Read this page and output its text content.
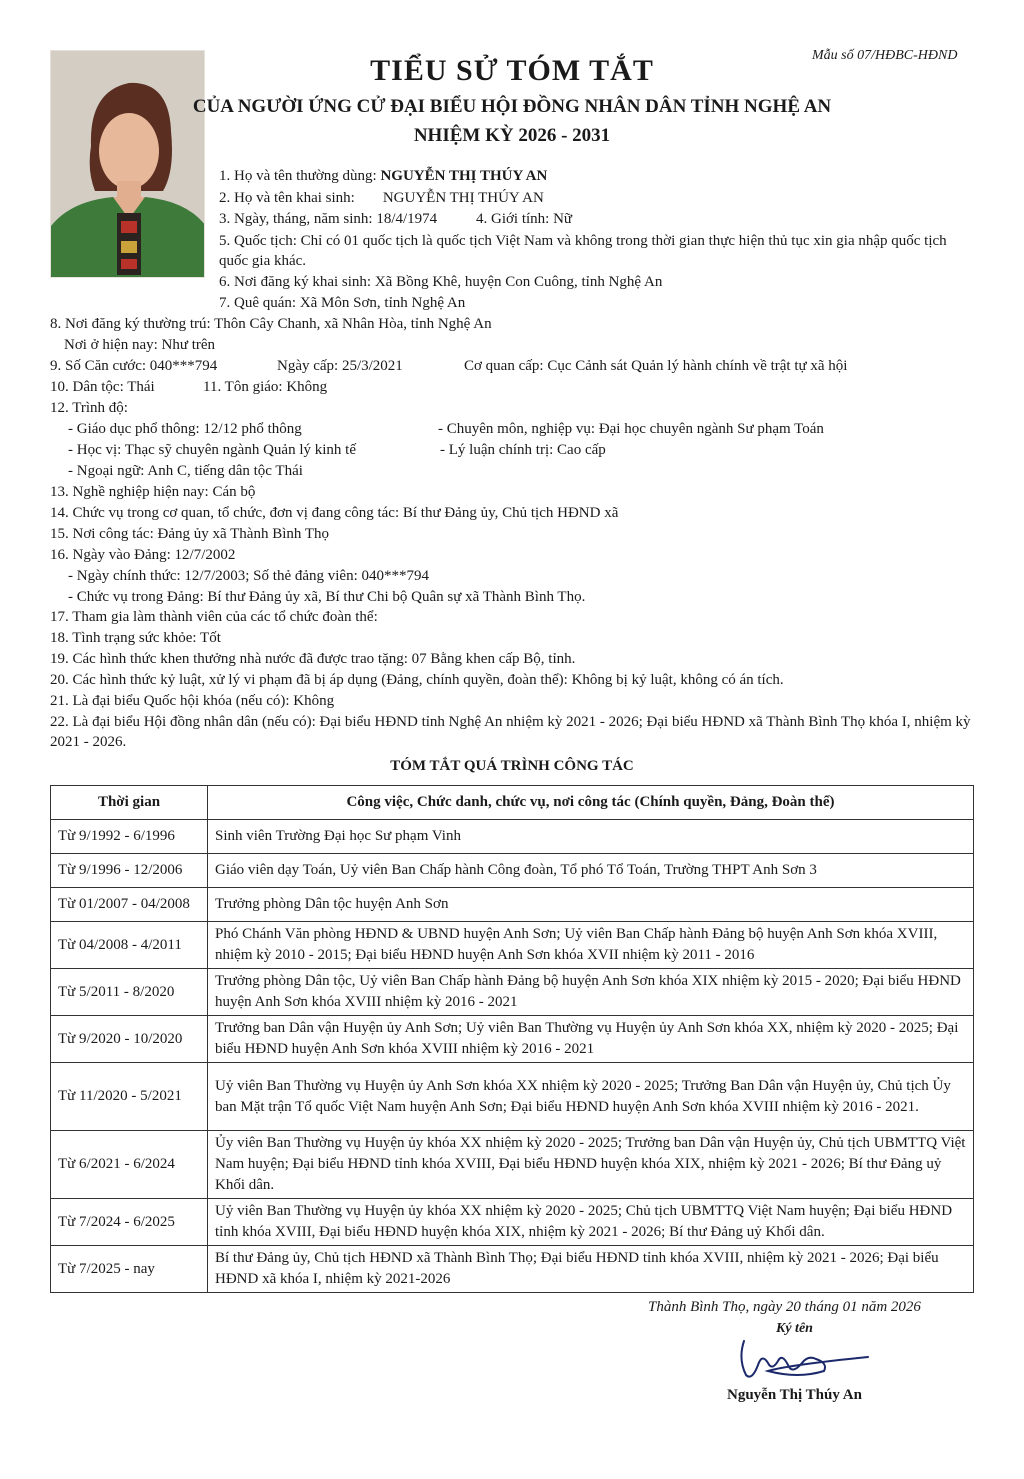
Mẫu số 07/HĐBC-HĐND
TIỂU SỬ TÓM TẮT
CỦA NGƯỜI ỨNG CỬ ĐẠI BIỂU HỘI ĐỒNG NHÂN DÂN TỈNH NGHỆ AN
NHIỆM KỲ 2026 - 2031
1. Họ và tên thường dùng: NGUYỄN THỊ THÚY AN
2. Họ và tên khai sinh: NGUYỄN THỊ THÚY AN
3. Ngày, tháng, năm sinh: 18/4/1974	4. Giới tính: Nữ
5. Quốc tịch: Chỉ có 01 quốc tịch là quốc tịch Việt Nam và không trong thời gian thực hiện thủ tục xin gia nhập quốc tịch quốc gia khác.
6. Nơi đăng ký khai sinh: Xã Bồng Khê, huyện Con Cuông, tỉnh Nghệ An
7. Quê quán: Xã Môn Sơn, tỉnh Nghệ An
8. Nơi đăng ký thường trú: Thôn Cây Chanh, xã Nhân Hòa, tỉnh Nghệ An
Nơi ở hiện nay: Như trên
9. Số Căn cước: 040***794	Ngày cấp: 25/3/2021	Cơ quan cấp: Cục Cảnh sát Quản lý hành chính về trật tự xã hội
10. Dân tộc: Thái	11. Tôn giáo: Không
12. Trình độ:
- Giáo dục phổ thông: 12/12 phổ thông	- Chuyên môn, nghiệp vụ: Đại học chuyên ngành Sư phạm Toán
- Học vị: Thạc sỹ chuyên ngành Quản lý kinh tế	- Lý luận chính trị: Cao cấp
- Ngoại ngữ: Anh C, tiếng dân tộc Thái
13. Nghề nghiệp hiện nay: Cán bộ
14. Chức vụ trong cơ quan, tổ chức, đơn vị đang công tác: Bí thư Đảng ủy, Chủ tịch HĐND xã
15. Nơi công tác: Đảng ủy xã Thành Bình Thọ
16. Ngày vào Đảng: 12/7/2002
- Ngày chính thức: 12/7/2003; Số thẻ đảng viên: 040***794
- Chức vụ trong Đảng: Bí thư Đảng ủy xã, Bí thư Chi bộ Quân sự xã Thành Bình Thọ.
17. Tham gia làm thành viên của các tổ chức đoàn thể:
18. Tình trạng sức khỏe: Tốt
19. Các hình thức khen thưởng nhà nước đã được trao tặng: 07 Bằng khen cấp Bộ, tỉnh.
20. Các hình thức kỷ luật, xử lý vi phạm đã bị áp dụng (Đảng, chính quyền, đoàn thể): Không bị kỷ luật, không có án tích.
21. Là đại biểu Quốc hội khóa (nếu có): Không
22. Là đại biểu Hội đồng nhân dân (nếu có): Đại biểu HĐND tỉnh Nghệ An nhiệm kỳ 2021 - 2026; Đại biểu HĐND xã Thành Bình Thọ khóa I, nhiệm kỳ 2021 - 2026.
TÓM TẮT QUÁ TRÌNH CÔNG TÁC
Thời gian	Công việc, Chức danh, chức vụ, nơi công tác (Chính quyền, Đảng, Đoàn thể)
Từ 9/1992 - 6/1996	Sinh viên Trường Đại học Sư phạm Vinh
Từ 9/1996 - 12/2006	Giáo viên dạy Toán, Uỷ viên Ban Chấp hành Công đoàn, Tổ phó Tổ Toán, Trường THPT Anh Sơn 3
Từ 01/2007 - 04/2008	Trưởng phòng Dân tộc huyện Anh Sơn
Từ 04/2008 - 4/2011	Phó Chánh Văn phòng HĐND & UBND huyện Anh Sơn; Uỷ viên Ban Chấp hành Đảng bộ huyện Anh Sơn khóa XVIII, nhiệm kỳ 2010 - 2015; Đại biểu HĐND huyện Anh Sơn khóa XVII nhiệm kỳ 2011 - 2016
Từ 5/2011 - 8/2020	Trưởng phòng Dân tộc, Uỷ viên Ban Chấp hành Đảng bộ huyện Anh Sơn khóa XIX nhiệm kỳ 2015 - 2020; Đại biểu HĐND huyện Anh Sơn khóa XVIII nhiệm kỳ 2016 - 2021
Từ 9/2020 - 10/2020	Trưởng ban Dân vận Huyện ủy Anh Sơn; Uỷ viên Ban Thường vụ Huyện ủy Anh Sơn khóa XX, nhiệm kỳ 2020 - 2025; Đại biểu HĐND huyện Anh Sơn khóa XVIII nhiệm kỳ 2016 - 2021
Từ 11/2020 - 5/2021	Uỷ viên Ban Thường vụ Huyện ủy Anh Sơn khóa XX nhiệm kỳ 2020 - 2025; Trưởng Ban Dân vận Huyện ủy, Chủ tịch Ủy ban Mặt trận Tổ quốc Việt Nam huyện Anh Sơn; Đại biểu HĐND huyện Anh Sơn khóa XVIII nhiệm kỳ 2016 - 2021.
Từ 6/2021 - 6/2024	Ủy viên Ban Thường vụ Huyện ủy khóa XX nhiệm kỳ 2020 - 2025; Trưởng ban Dân vận Huyện ủy, Chủ tịch UBMTTQ Việt Nam huyện; Đại biểu HĐND tỉnh khóa XVIII, Đại biểu HĐND huyện khóa XIX, nhiệm kỳ 2021 - 2026; Bí thư Đảng uỷ Khối dân.
Từ 7/2024 - 6/2025	Uỷ viên Ban Thường vụ Huyện ủy khóa XX nhiệm kỳ 2020 - 2025; Chủ tịch UBMTTQ Việt Nam huyện; Đại biểu HĐND tỉnh khóa XVIII, Đại biểu HĐND huyện khóa XIX, nhiệm kỳ 2021 - 2026; Bí thư Đảng uỷ Khối dân.
Từ 7/2025 - nay	Bí thư Đảng ủy, Chủ tịch HĐND xã Thành Bình Thọ; Đại biểu HĐND tỉnh khóa XVIII, nhiệm kỳ 2021 - 2026; Đại biểu HĐND xã khóa I, nhiệm kỳ 2021-2026
Thành Bình Thọ, ngày 20 tháng 01 năm 2026
Ký tên
Nguyễn Thị Thúy An
